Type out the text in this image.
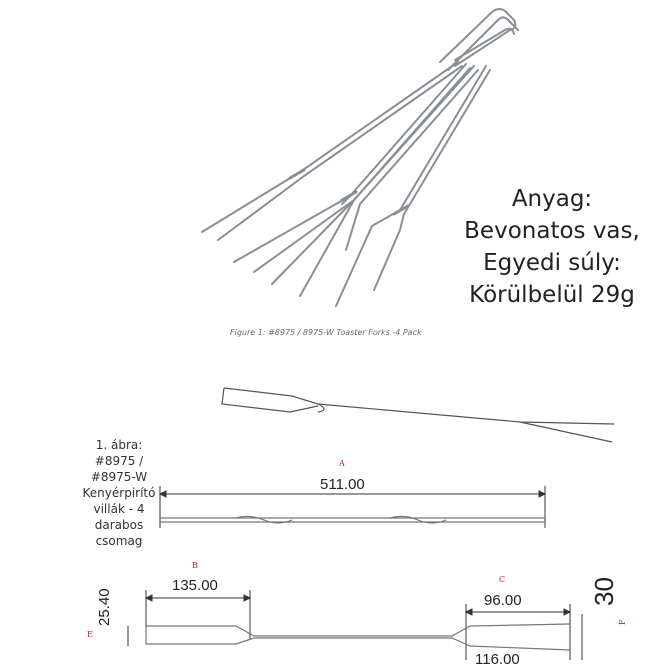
Anyag:
Bevonatos vas,
Egyedi súly:
Körülbelül 29g
Figure 1: #8975 / 8975-W Toaster Forks -4 Pack
1. ábra:
#8975 /
#8975-W
Kenyérpirító
villák - 4
darabos
csomag
A
511.00
B
135.00	C
96.00
116.00
E
25.40	30
F
